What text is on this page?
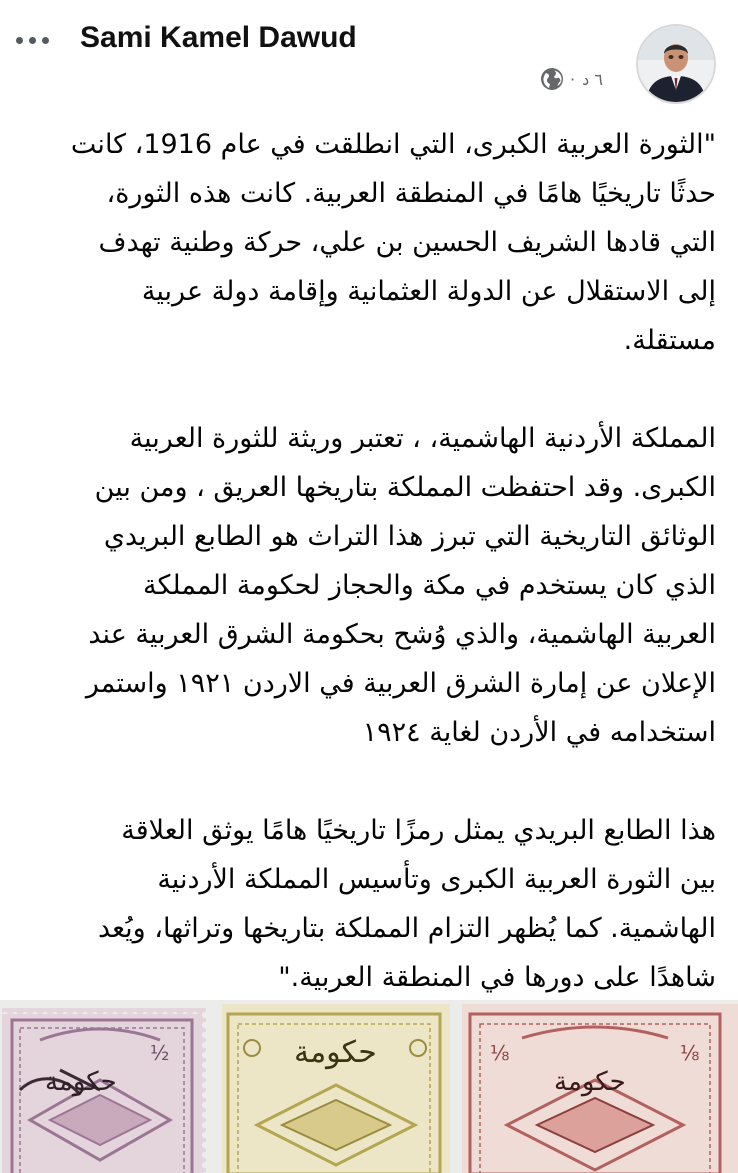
Sami Kamel Dawud
· ٦ د

"الثورة العربية الكبرى، التي انطلقت في عام 1916، كانت
حدثًا تاريخيًا هامًا في المنطقة العربية. كانت هذه الثورة،
التي قادها الشريف الحسين بن علي، حركة وطنية تهدف
إلى الاستقلال عن الدولة العثمانية وإقامة دولة عربية
مستقلة.

المملكة الأردنية الهاشمية، ، تعتبر وريثة للثورة العربية
الكبرى. وقد احتفظت المملكة بتاريخها العريق ، ومن بين
الوثائق التاريخية التي تبرز هذا التراث هو الطابع البريدي
الذي كان يستخدم في مكة والحجاز لحكومة المملكة
العربية الهاشمية، والذي وُشح بحكومة الشرق العربية عند
الإعلان عن إمارة الشرق العربية في الاردن ١٩٢١ واستمر
استخدامه في الأردن لغاية ١٩٢٤

هذا الطابع البريدي يمثل رمزًا تاريخيًا هامًا يوثق العلاقة
بين الثورة العربية الكبرى وتأسيس المملكة الأردنية
الهاشمية. كما يُظهر التزام المملكة بتاريخها وتراثها، ويُعد
شاهدًا على دورها في المنطقة العربية."

½
حكومة
حكومة	⅛
⅛
حكومة
